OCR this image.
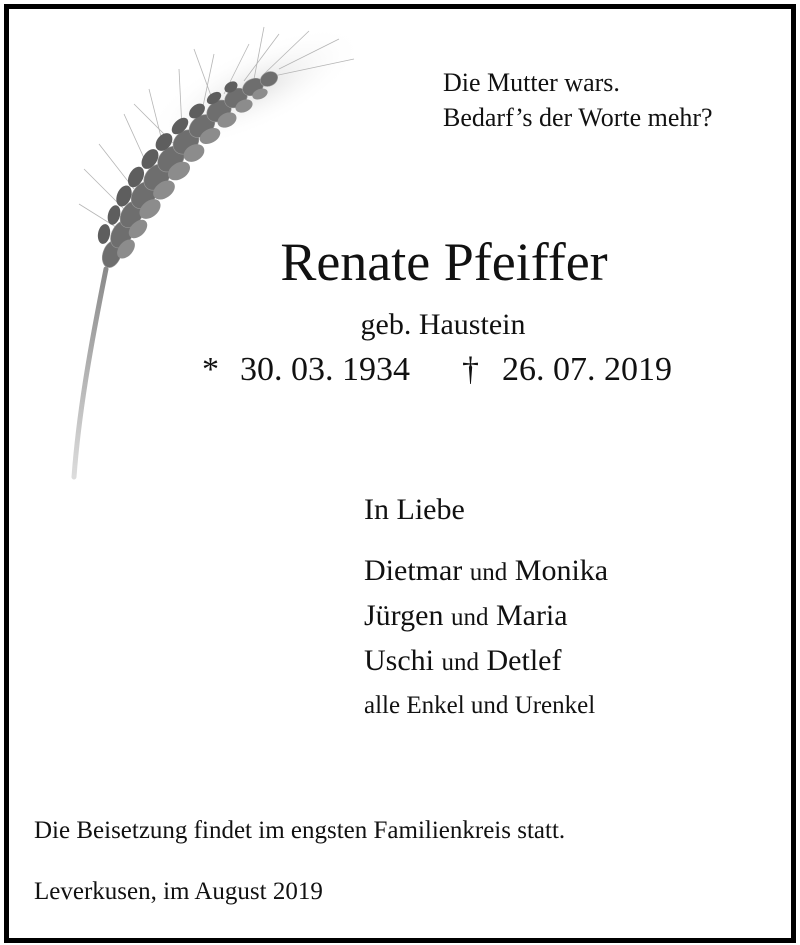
Die Mutter wars.
Bedarf’s der Worte mehr?
Renate Pfeiffer
geb. Haustein
* 30. 03. 1934 † 26. 07. 2019
In Liebe
Dietmar und Monika
Jürgen und Maria
Uschi und Detlef
alle Enkel und Urenkel
Die Beisetzung findet im engsten Familienkreis statt.
Leverkusen, im August 2019
